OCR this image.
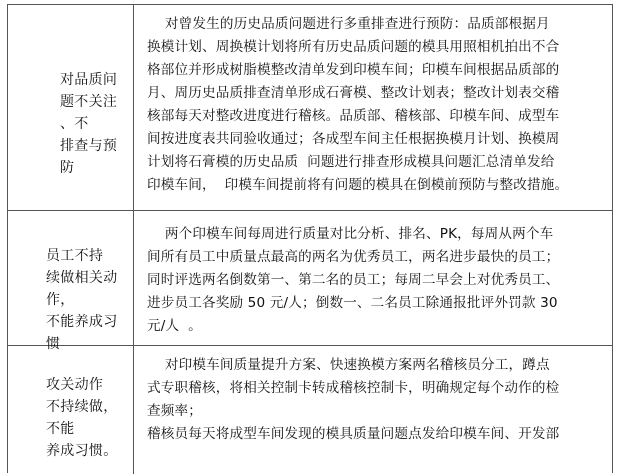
对品质问
题不关注 、不
排查与预防
对曾发生的历史品质问题进行多重排查进行预防：品质部根据月
换模计划、周换模计划将所有历史品质问题的模具用照相机拍出不合
格部位并形成树脂模整改清单发到印模车间；印模车间根据品质部的
月、周历史品质排查清单形成石膏模、整改计划表；整改计划表交稽
核部每天对整改进度进行稽核。品质部、稽核部、印模车间、成型车
间按进度表共同验收通过；各成型车间主任根据换模月计划、换模周
计划将石膏模的历史品质  问题进行排查形成模具问题汇总清单发给
印模车间，  印模车间提前将有问题的模具在倒模前预防与整改措施。
员工不持
续做相关动作，
不能养成习惯
两个印模车间每周进行质量对比分析、排名、PK，每周从两个车
间所有员工中质量点最高的两名为优秀员工，两名进步最快的员工；
同时评选两名倒数第一、第二名的员工；每周二早会上对优秀员工、
进步员工各奖励 50 元/人；倒数一、二名员工除通报批评外罚款 30
元/人  。
攻关动作
不持续做，不能
养成习惯。
对印模车间质量提升方案、快速换模方案两名稽核员分工，蹲点
式专职稽核，将相关控制卡转成稽核控制卡，明确规定每个动作的检
查频率；
稽核员每天将成型车间发现的模具质量问题点发给印模车间、开发部
